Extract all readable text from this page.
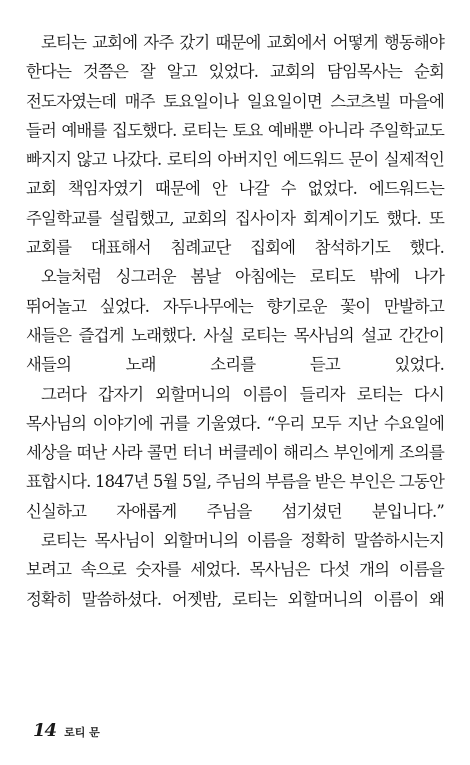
로티는 교회에 자주 갔기 때문에 교회에서 어떻게 행동해야 한다는 것쯤은 잘 알고 있었다. 교회의 담임목사는 순회 전도자였는데 매주 토요일이나 일요일이면 스코츠빌 마을에 들러 예배를 집도했다. 로티는 토요 예배뿐 아니라 주일학교도 빠지지 않고 나갔다. 로티의 아버지인 에드워드 문이 실제적인 교회 책임자였기 때문에 안 나갈 수 없었다. 에드워드는 주일학교를 설립했고, 교회의 집사이자 회계이기도 했다. 또 교회를 대표해서 침례교단 집회에 참석하기도 했다.

오늘처럼 싱그러운 봄날 아침에는 로티도 밖에 나가 뛰어놀고 싶었다. 자두나무에는 향기로운 꽃이 만발하고 새들은 즐겁게 노래했다. 사실 로티는 목사님의 설교 간간이 새들의 노래 소리를 듣고 있었다.

그러다 갑자기 외할머니의 이름이 들리자 로티는 다시 목사님의 이야기에 귀를 기울였다. “우리 모두 지난 수요일에 세상을 떠난 사라 콜먼 터너 버클레이 해리스 부인에게 조의를 표합시다. 1847년 5월 5일, 주님의 부름을 받은 부인은 그동안 신실하고 자애롭게 주님을 섬기셨던 분입니다.”

로티는 목사님이 외할머니의 이름을 정확히 말씀하시는지 보려고 속으로 숫자를 세었다. 목사님은 다섯 개의 이름을 정확히 말씀하셨다. 어젯밤, 로티는 외할머니의 이름이 왜

14 로티 문
